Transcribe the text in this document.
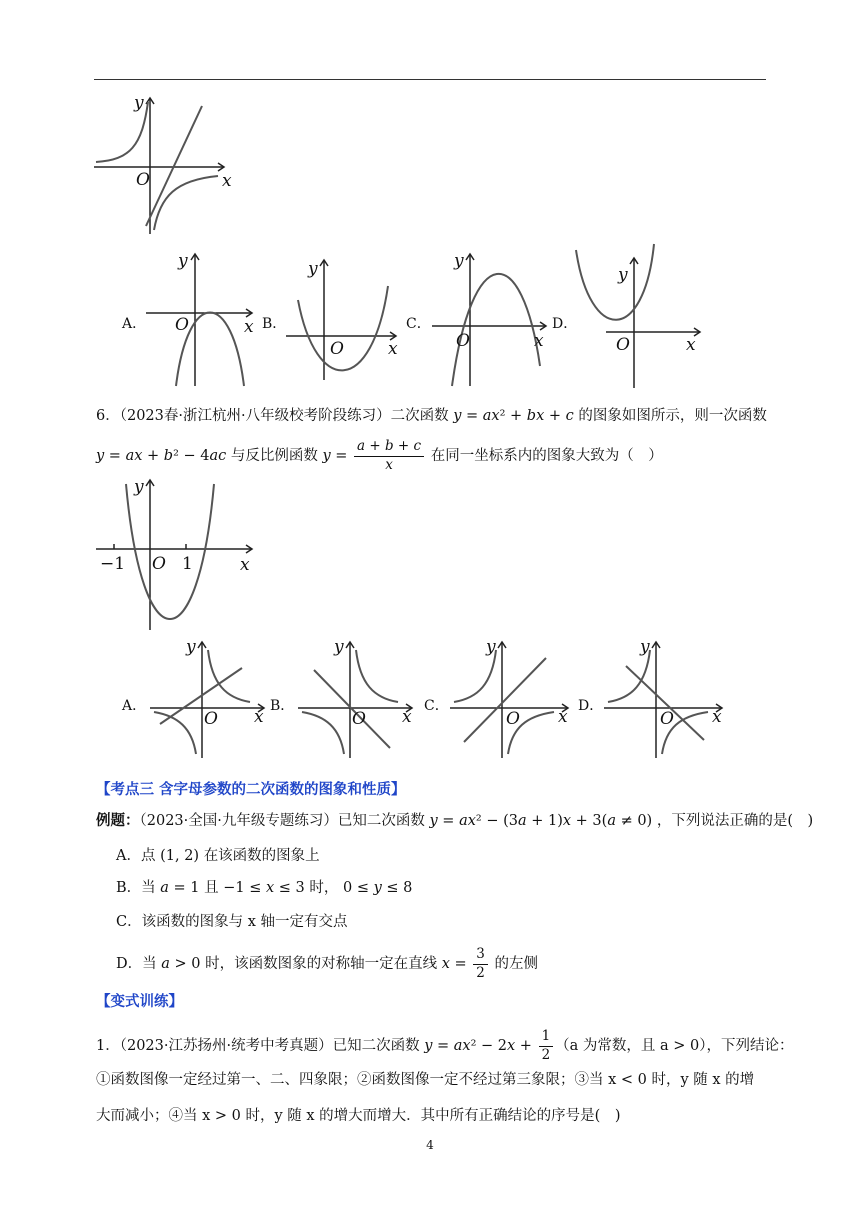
y
O	x
A．
y
O	x B．
y
O	x
C．
y
O	x
D．
y
O	x
6．（2023春·浙江杭州·八年级校考阶段练习）二次函数 y = ax² + bx + c 的图象如图所示，则一次函数
y = ax + b² − 4ac 与反比例函数 $y = \frac{a + b + c}{x}$ 在同一坐标系内的图象大致为（　）
y
−1 O 1	x
A．
y
O x
B．
y
O x
C．
y
O x
D．
y
O x
【考点三 含字母参数的二次函数的图象和性质】
例题：（2023·全国·九年级专题练习）已知二次函数 y = ax² − (3a + 1)x + 3(a ≠ 0) ，下列说法正确的是(　)
A．点 (1, 2) 在该函数的图象上
B．当 a = 1 且 −1 ≤ x ≤ 3 时， 0 ≤ y ≤ 8
C．该函数的图象与 x 轴一定有交点
D．当 a > 0 时，该函数图象的对称轴一定在直线 $x = \frac{3}{2}$ 的左侧
【变式训练】
1．（2023·江苏扬州·统考中考真题）已知二次函数 $y = ax^2 - 2x + \frac{1}{2} (a$ 为常数，且 a > 0），下列结论：
①函数图像一定经过第一、二、四象限；②函数图像一定不经过第三象限；③当 x < 0 时，y 随 x 的增
大而减小；④当 x > 0 时，y 随 x 的增大而增大．其中所有正确结论的序号是(　)
4
